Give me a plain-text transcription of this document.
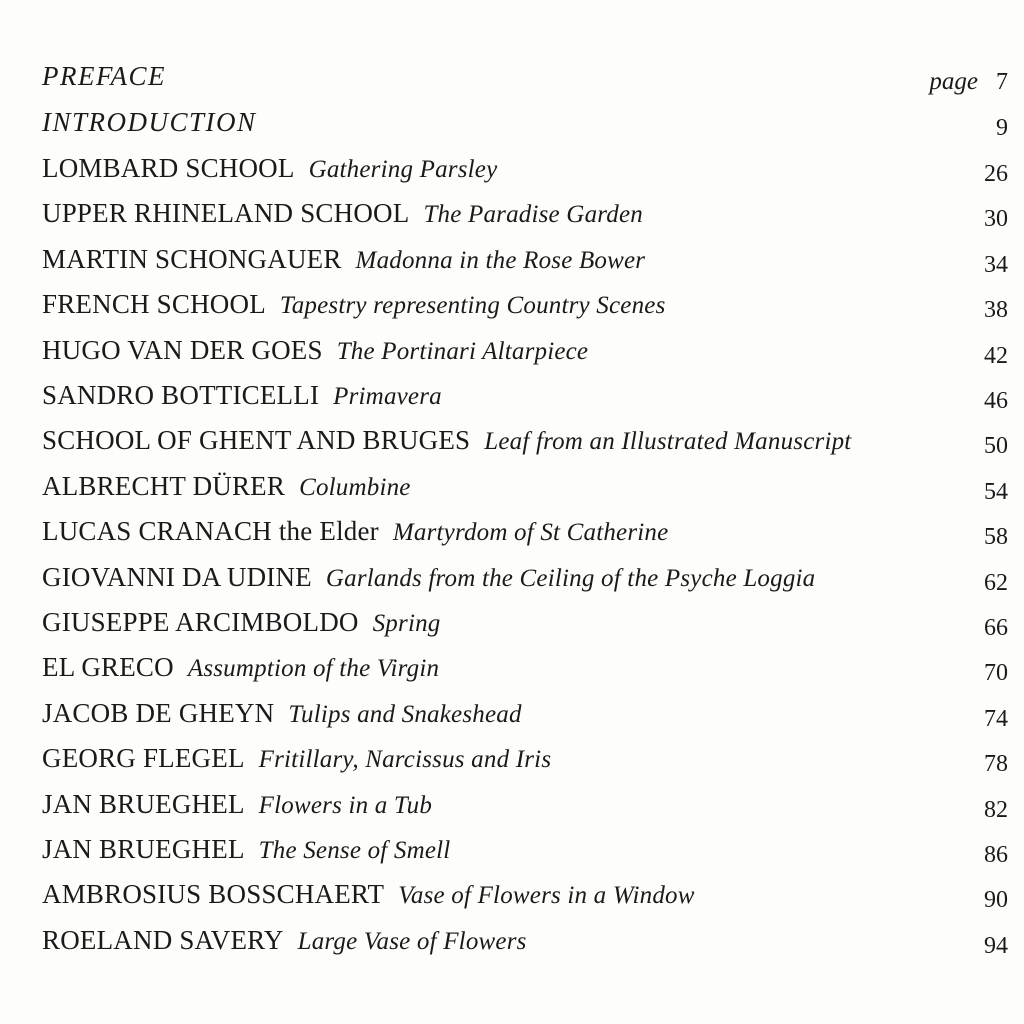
PREFACE	page 7
INTRODUCTION	9
LOMBARD SCHOOL Gathering Parsley	26
UPPER RHINELAND SCHOOL The Paradise Garden	30
MARTIN SCHONGAUER Madonna in the Rose Bower	34
FRENCH SCHOOL Tapestry representing Country Scenes	38
HUGO VAN DER GOES The Portinari Altarpiece	42
SANDRO BOTTICELLI Primavera	46
SCHOOL OF GHENT AND BRUGES Leaf from an Illustrated Manuscript	50
ALBRECHT DÜRER Columbine	54
LUCAS CRANACH the Elder Martyrdom of St Catherine	58
GIOVANNI DA UDINE Garlands from the Ceiling of the Psyche Loggia	62
GIUSEPPE ARCIMBOLDO Spring	66
EL GRECO Assumption of the Virgin	70
JACOB DE GHEYN Tulips and Snakeshead	74
GEORG FLEGEL Fritillary, Narcissus and Iris	78
JAN BRUEGHEL Flowers in a Tub	82
JAN BRUEGHEL The Sense of Smell	86
AMBROSIUS BOSSCHAERT Vase of Flowers in a Window	90
ROELAND SAVERY Large Vase of Flowers	94
